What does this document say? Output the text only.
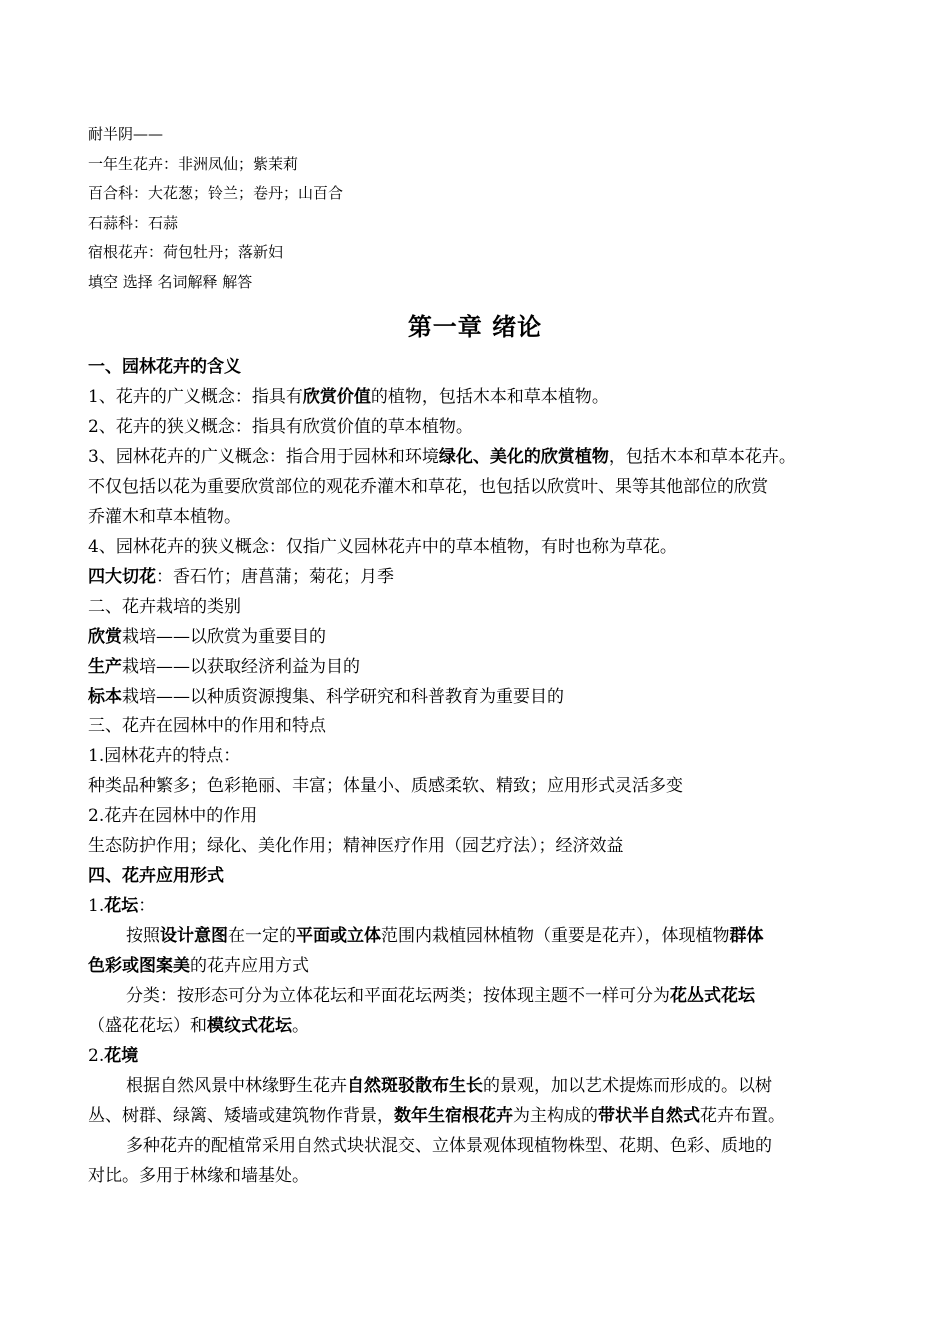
耐半阴——
一年生花卉：非洲凤仙；紫茉莉
百合科：大花葱；铃兰；卷丹；山百合
石蒜科：石蒜
宿根花卉：荷包牡丹；落新妇
填空 选择 名词解释 解答
第一章 绪论
一、园林花卉的含义
1、花卉的广义概念：指具有欣赏价值的植物，包括木本和草本植物。
2、花卉的狭义概念：指具有欣赏价值的草本植物。
3、园林花卉的广义概念：指合用于园林和环境绿化、美化的欣赏植物，包括木本和草本花卉。
不仅包括以花为重要欣赏部位的观花乔灌木和草花，也包括以欣赏叶、果等其他部位的欣赏
乔灌木和草本植物。
4、园林花卉的狭义概念：仅指广义园林花卉中的草本植物，有时也称为草花。
四大切花：香石竹；唐菖蒲；菊花；月季
二、花卉栽培的类别
欣赏栽培——以欣赏为重要目的
生产栽培——以获取经济利益为目的
标本栽培——以种质资源搜集、科学研究和科普教育为重要目的
三、花卉在园林中的作用和特点
1.园林花卉的特点：
种类品种繁多；色彩艳丽、丰富；体量小、质感柔软、精致；应用形式灵活多变
2.花卉在园林中的作用
生态防护作用；绿化、美化作用；精神医疗作用（园艺疗法）；经济效益
四、花卉应用形式
1.花坛：
按照设计意图在一定的平面或立体范围内栽植园林植物（重要是花卉），体现植物群体
色彩或图案美的花卉应用方式
分类：按形态可分为立体花坛和平面花坛两类；按体现主题不一样可分为花丛式花坛
（盛花花坛）和模纹式花坛。
2.花境
根据自然风景中林缘野生花卉自然斑驳散布生长的景观，加以艺术提炼而形成的。以树
丛、树群、绿篱、矮墙或建筑物作背景，数年生宿根花卉为主构成的带状半自然式花卉布置。
多种花卉的配植常采用自然式块状混交、立体景观体现植物株型、花期、色彩、质地的
对比。多用于林缘和墙基处。
